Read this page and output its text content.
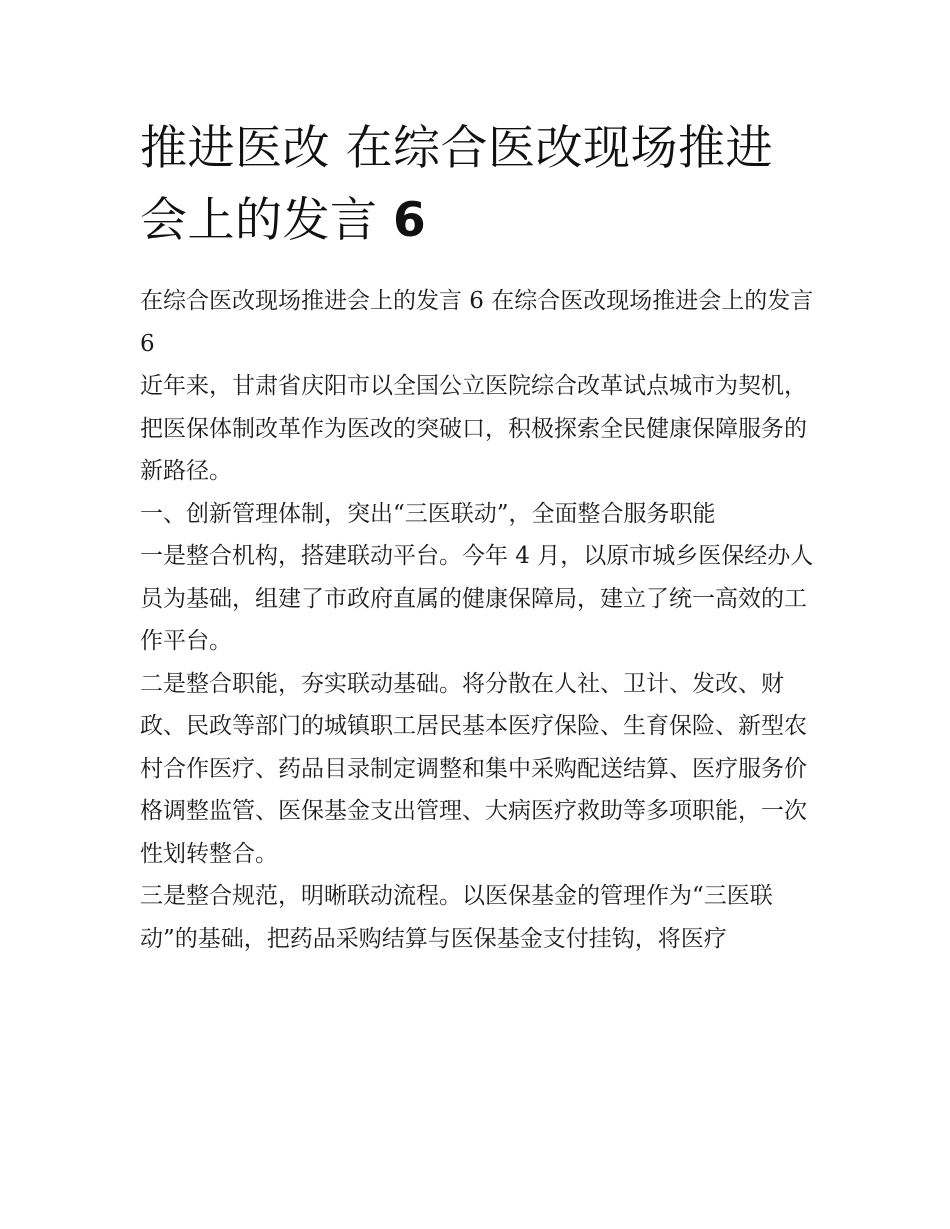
推进医改 在综合医改现场推进
会上的发言 6

在综合医改现场推进会上的发言 6 在综合医改现场推进会上的发言 6

近年来，甘肃省庆阳市以全国公立医院综合改革试点城市为契机，把医保体制改革作为医改的突破口，积极探索全民健康保障服务的新路径。

一、创新管理体制，突出“三医联动”，全面整合服务职能

一是整合机构，搭建联动平台。今年 4 月，以原市城乡医保经办人员为基础，组建了市政府直属的健康保障局，建立了统一高效的工作平台。

二是整合职能，夯实联动基础。将分散在人社、卫计、发改、财政、民政等部门的城镇职工居民基本医疗保险、生育保险、新型农村合作医疗、药品目录制定调整和集中采购配送结算、医疗服务价格调整监管、医保基金支出管理、大病医疗救助等多项职能，一次性划转整合。

三是整合规范，明晰联动流程。以医保基金的管理作为“三医联动”的基础，把药品采购结算与医保基金支付挂钩，将医疗
